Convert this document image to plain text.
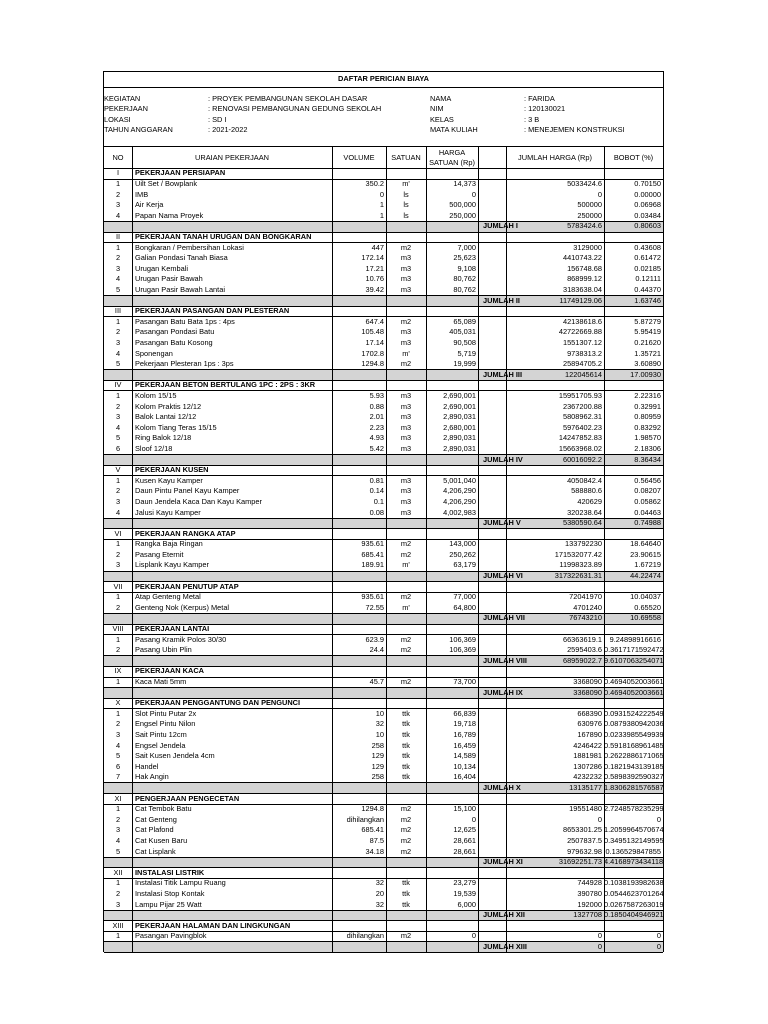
DAFTAR PERICIAN BIAYA
NO	URAIAN PEKERJAAN	VOLUME	SATUAN
HARGA
SATUAN (Rp)
JUMLAH HARGA (Rp)	BOBOT (%)
KEGIATAN	: PROYEK PEMBANGUNAN SEKOLAH DASAR
PEKERJAAN	: RENOVASI PEMBANGUNAN GEDUNG SEKOLAH
LOKASI	: SD I
TAHUN ANGGARAN	: 2021-2022
NAMA	: FARIDA
NIM	: 120130021
KELAS	: 3 B
MATA KULIAH	: MENEJEMEN KONSTRUKSI
I	PEKERJAAN PERSIAPAN
1	Uilt Set / Bowplank	350.2	m'	14,373	5033424.6	0.70150
2	IMB	0	ls	0	0	0.00000
3	Air Kerja	1	ls	500,000	500000	0.06968
4	Papan Nama Proyek	1	ls	250,000	250000	0.03484
JUMLAH I	5783424.6	0.80603
II	PEKERJAAN TANAH URUGAN DAN BONGKARAN
1	Bongkaran / Pembersihan Lokasi	447	m2	7,000	3129000	0.43608
2	Galian Pondasi Tanah Biasa	172.14	m3	25,623	4410743.22	0.61472
3	Urugan Kembali	17.21	m3	9,108	156748.68	0.02185
4	Urugan Pasir Bawah	10.76	m3	80,762	868999.12	0.12111
5	Urugan Pasir Bawah Lantai	39.42	m3	80,762	3183638.04	0.44370
JUMLAH II	11749129.06	1.63746
III	PEKERJAAN PASANGAN DAN PLESTERAN
1	Pasangan Batu Bata 1ps : 4ps	647.4	m2	65,089	42138618.6	5.87279
2	Pasangan Pondasi Batu	105.48	m3	405,031	42722669.88	5.95419
3	Pasangan Batu Kosong	17.14	m3	90,508	1551307.12	0.21620
4	Sponengan	1702.8	m'	5,719	9738313.2	1.35721
5	Pekerjaan Plesteran 1ps : 3ps	1294.8	m2	19,999	25894705.2	3.60890
JUMLAH III	122045614	17.00930
IV	PEKERJAAN BETON BERTULANG 1PC : 2PS : 3KR
1	Kolom 15/15	5.93	m3	2,690,001	15951705.93	2.22316
2	Kolom Praktis 12/12	0.88	m3	2,690,001	2367200.88	0.32991
3	Balok Lantai 12/12	2.01	m3	2,890,031	5808962.31	0.80959
4	Kolom Tiang Teras 15/15	2.23	m3	2,680,001	5976402.23	0.83292
5	Ring Balok 12/18	4.93	m3	2,890,031	14247852.83	1.98570
6	Sloof 12/18	5.42	m3	2,890,031	15663968.02	2.18306
JUMLAH IV	60016092.2	8.36434
V	PEKERJAAN KUSEN
1	Kusen Kayu Kamper	0.81	m3	5,001,040	4050842.4	0.56456
2	Daun Pintu Panel Kayu Kamper	0.14	m3	4,206,290	588880.6	0.08207
3	Daun Jendela Kaca Dan Kayu Kamper	0.1	m3	4,206,290	420629	0.05862
4	Jalusi Kayu Kamper	0.08	m3	4,002,983	320238.64	0.04463
JUMLAH V	5380590.64	0.74988
VI	PEKERJAAN RANGKA ATAP
1	Rangka Baja Ringan	935.61	m2	143,000	133792230	18.64640
2	Pasang Eternit	685.41	m2	250,262	171532077.42	23.90615
3	Lisplank Kayu Kamper	189.91	m'	63,179	11998323.89	1.67219
JUMLAH VI	317322631.31	44.22474
VII	PEKERJAAN PENUTUP ATAP
1	Atap Genteng Metal	935.61	m2	77,000	72041970	10.04037
2	Genteng Nok (Kerpus) Metal	72.55	m'	64,800	4701240	0.65520
JUMLAH VII	76743210	10.69558
VIII	PEKERJAAN LANTAI
1	Pasang Kramik Polos 30/30	623.9	m2	106,369	66363619.1	9.24898916616
2	Pasang Ubin Plin	24.4	m2	106,369	2595403.6 0.3617171592472
JUMLAH VIII	68959022.7 9.6107063254071
IX	PEKERJAAN KACA
1	Kaca Mati 5mm	45.7	m2	73,700	3368090 0.4694052003661
JUMLAH IX	3368090 0.4694052003661
X	PEKERJAAN PENGGANTUNG DAN PENGUNCI
1	Slot Pintu Putar 2x	10	ttk	66,839	668390 0.0931524222549
2	Engsel Pintu Nilon	32	ttk	19,718	630976 0.0879380942036
3	Sait Pintu 12cm	10	ttk	16,789	167890 0.0233985549939
4	Engsel Jendela	258	ttk	16,459	4246422 0.5918168961485
5	Sait Kusen Jendela 4cm	129	ttk	14,589	1881981 0.2622886171065
6	Handel	129	ttk	10,134	1307286 0.1821943139185
7	Hak Angin	258	ttk	16,404	4232232 0.5898392590327
JUMLAH X	13135177 1.8306281576587
XI	PENGERJAAN PENGECETAN
1	Cat Tembok Batu	1294.8	m2	15,100	19551480 2.7248578235299
2	Cat Genteng	dihilangkan	m2	0	0	0
3	Cat Plafond	685.41	m2	12,625	8653301.25 1.2059964570674
4	Cat Kusen Baru	87.5	m2	28,661	2507837.5 0.3495132149595
5	Cat Lisplank	34.18	m2	28,661	979632.98 0.136529847855
JUMLAH XI	31692251.73 4.4168973434118
XII	INSTALASI LISTRIK
1	Instalasi Titik Lampu Ruang	32	ttk	23,279	744928 0.1038193982638
2	Instalasi Stop Kontak	20	ttk	19,539	390780 0.0544623701264
3	Lampu Pijar 25 Watt	32	ttk	6,000	192000 0.0267587263019
JUMLAH XII	1327708 0.1850404946921
XIII	PEKERJAAN HALAMAN DAN LINGKUNGAN
1	Pasangan Pavingblok	dihilangkan	m2	0	0	0
JUMLAH XIII	0	0
